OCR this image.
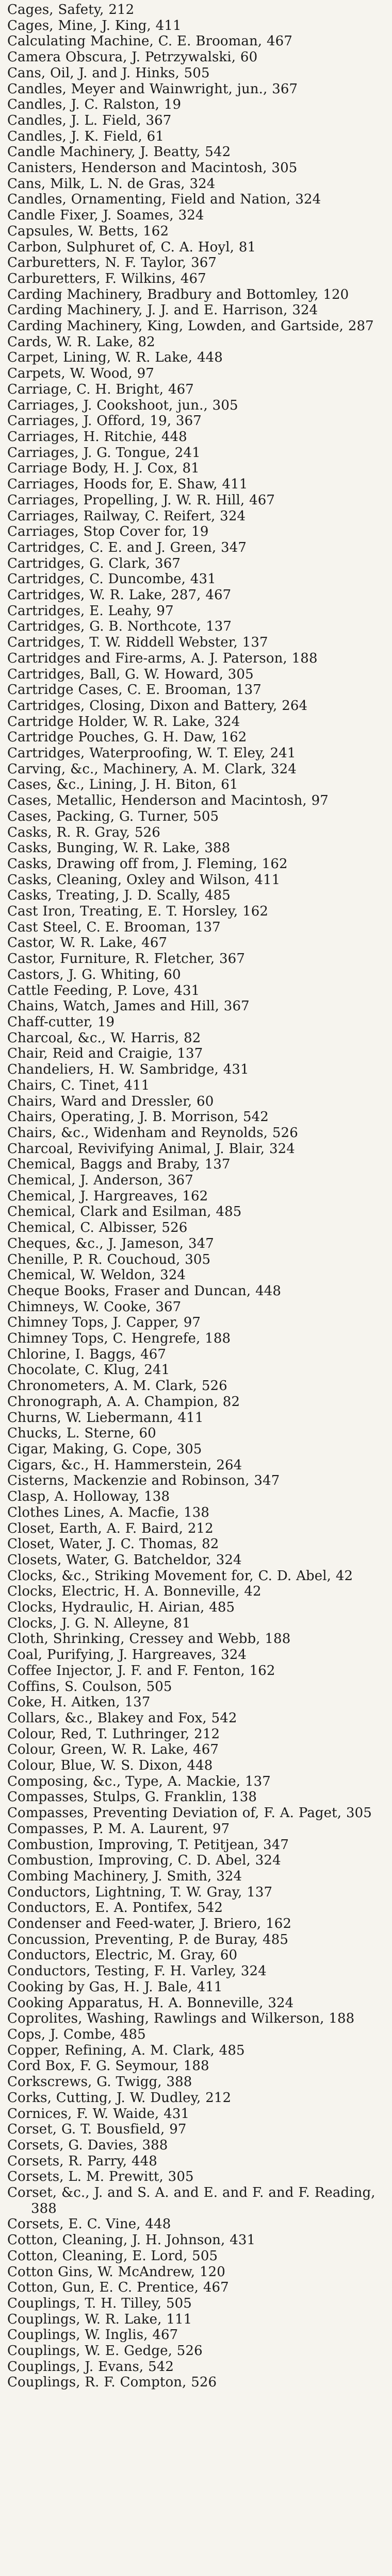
Cages, Safety, 212
Cages, Mine, J. King, 411
Calculating Machine, C. E. Brooman, 467
Camera Obscura, J. Petrzywalski, 60
Cans, Oil, J. and J. Hinks, 505
Candles, Meyer and Wainwright, jun., 367
Candles, J. C. Ralston, 19
Candles, J. L. Field, 367
Candles, J. K. Field, 61
Candle Machinery, J. Beatty, 542
Canisters, Henderson and Macintosh, 305
Cans, Milk, L. N. de Gras, 324
Candles, Ornamenting, Field and Nation, 324
Candle Fixer, J. Soames, 324
Capsules, W. Betts, 162
Carbon, Sulphuret of, C. A. Hoyl, 81
Carburetters, N. F. Taylor, 367
Carburetters, F. Wilkins, 467
Carding Machinery, Bradbury and Bottomley, 120
Carding Machinery, J. J. and E. Harrison, 324
Carding Machinery, King, Lowden, and Gartside, 287
Cards, W. R. Lake, 82
Carpet, Lining, W. R. Lake, 448
Carpets, W. Wood, 97
Carriage, C. H. Bright, 467
Carriages, J. Cookshoot, jun., 305
Carriages, J. Offord, 19, 367
Carriages, H. Ritchie, 448
Carriages, J. G. Tongue, 241
Carriage Body, H. J. Cox, 81
Carriages, Hoods for, E. Shaw, 411
Carriages, Propelling, J. W. R. Hill, 467
Carriages, Railway, C. Reifert, 324
Carriages, Stop Cover for, 19
Cartridges, C. E. and J. Green, 347
Cartridges, G. Clark, 367
Cartridges, C. Duncombe, 431
Cartridges, W. R. Lake, 287, 467
Cartridges, E. Leahy, 97
Cartridges, G. B. Northcote, 137
Cartridges, T. W. Riddell Webster, 137
Cartridges and Fire-arms, A. J. Paterson, 188
Cartridges, Ball, G. W. Howard, 305
Cartridge Cases, C. E. Brooman, 137
Cartridges, Closing, Dixon and Battery, 264
Cartridge Holder, W. R. Lake, 324
Cartridge Pouches, G. H. Daw, 162
Cartridges, Waterproofing, W. T. Eley, 241
Carving, &c., Machinery, A. M. Clark, 324
Cases, &c., Lining, J. H. Biton, 61
Cases, Metallic, Henderson and Macintosh, 97
Cases, Packing, G. Turner, 505
Casks, R. R. Gray, 526
Casks, Bunging, W. R. Lake, 388
Casks, Drawing off from, J. Fleming, 162
Casks, Cleaning, Oxley and Wilson, 411
Casks, Treating, J. D. Scally, 485
Cast Iron, Treating, E. T. Horsley, 162
Cast Steel, C. E. Brooman, 137
Castor, W. R. Lake, 467
Castor, Furniture, R. Fletcher, 367
Castors, J. G. Whiting, 60
Cattle Feeding, P. Love, 431
Chains, Watch, James and Hill, 367
Chaff-cutter, 19
Charcoal, &c., W. Harris, 82
Chair, Reid and Craigie, 137
Chandeliers, H. W. Sambridge, 431
Chairs, C. Tinet, 411
Chairs, Ward and Dressler, 60
Chairs, Operating, J. B. Morrison, 542
Chairs, &c., Widenham and Reynolds, 526
Charcoal, Revivifying Animal, J. Blair, 324
Chemical, Baggs and Braby, 137
Chemical, J. Anderson, 367
Chemical, J. Hargreaves, 162
Chemical, Clark and Esilman, 485
Chemical, C. Albisser, 526
Cheques, &c., J. Jameson, 347
Chenille, P. R. Couchoud, 305
Chemical, W. Weldon, 324
Cheque Books, Fraser and Duncan, 448
Chimneys, W. Cooke, 367
Chimney Tops, J. Capper, 97
Chimney Tops, C. Hengrefe, 188
Chlorine, I. Baggs, 467
Chocolate, C. Klug, 241
Chronometers, A. M. Clark, 526
Chronograph, A. A. Champion, 82
Churns, W. Liebermann, 411
Chucks, L. Sterne, 60
Cigar, Making, G. Cope, 305
Cigars, &c., H. Hammerstein, 264
Cisterns, Mackenzie and Robinson, 347
Clasp, A. Holloway, 138
Clothes Lines, A. Macfie, 138
Closet, Earth, A. F. Baird, 212
Closet, Water, J. C. Thomas, 82
Closets, Water, G. Batcheldor, 324
Clocks, &c., Striking Movement for, C. D. Abel, 42
Clocks, Electric, H. A. Bonneville, 42
Clocks, Hydraulic, H. Airian, 485
Clocks, J. G. N. Alleyne, 81
Cloth, Shrinking, Cressey and Webb, 188
Coal, Purifying, J. Hargreaves, 324
Coffee Injector, J. F. and F. Fenton, 162
Coffins, S. Coulson, 505
Coke, H. Aitken, 137
Collars, &c., Blakey and Fox, 542
Colour, Red, T. Luthringer, 212
Colour, Green, W. R. Lake, 467
Colour, Blue, W. S. Dixon, 448
Composing, &c., Type, A. Mackie, 137
Compasses, Stulps, G. Franklin, 138
Compasses, Preventing Deviation of, F. A. Paget, 305
Compasses, P. M. A. Laurent, 97
Combustion, Improving, T. Petitjean, 347
Combustion, Improving, C. D. Abel, 324
Combing Machinery, J. Smith, 324
Conductors, Lightning, T. W. Gray, 137
Conductors, E. A. Pontifex, 542
Condenser and Feed-water, J. Briero, 162
Concussion, Preventing, P. de Buray, 485
Conductors, Electric, M. Gray, 60
Conductors, Testing, F. H. Varley, 324
Cooking by Gas, H. J. Bale, 411
Cooking Apparatus, H. A. Bonneville, 324
Coprolites, Washing, Rawlings and Wilkerson, 188
Cops, J. Combe, 485
Copper, Refining, A. M. Clark, 485
Cord Box, F. G. Seymour, 188
Corkscrews, G. Twigg, 388
Corks, Cutting, J. W. Dudley, 212
Cornices, F. W. Waide, 431
Corset, G. T. Bousfield, 97
Corsets, G. Davies, 388
Corsets, R. Parry, 448
Corsets, L. M. Prewitt, 305
Corset, &c., J. and S. A. and E. and F. and F. Reading, 388
Corsets, E. C. Vine, 448
Cotton, Cleaning, J. H. Johnson, 431
Cotton, Cleaning, E. Lord, 505
Cotton Gins, W. McAndrew, 120
Cotton, Gun, E. C. Prentice, 467
Couplings, T. H. Tilley, 505
Couplings, W. R. Lake, 111
Couplings, W. Inglis, 467
Couplings, W. E. Gedge, 526
Couplings, J. Evans, 542
Couplings, R. F. Compton, 526
